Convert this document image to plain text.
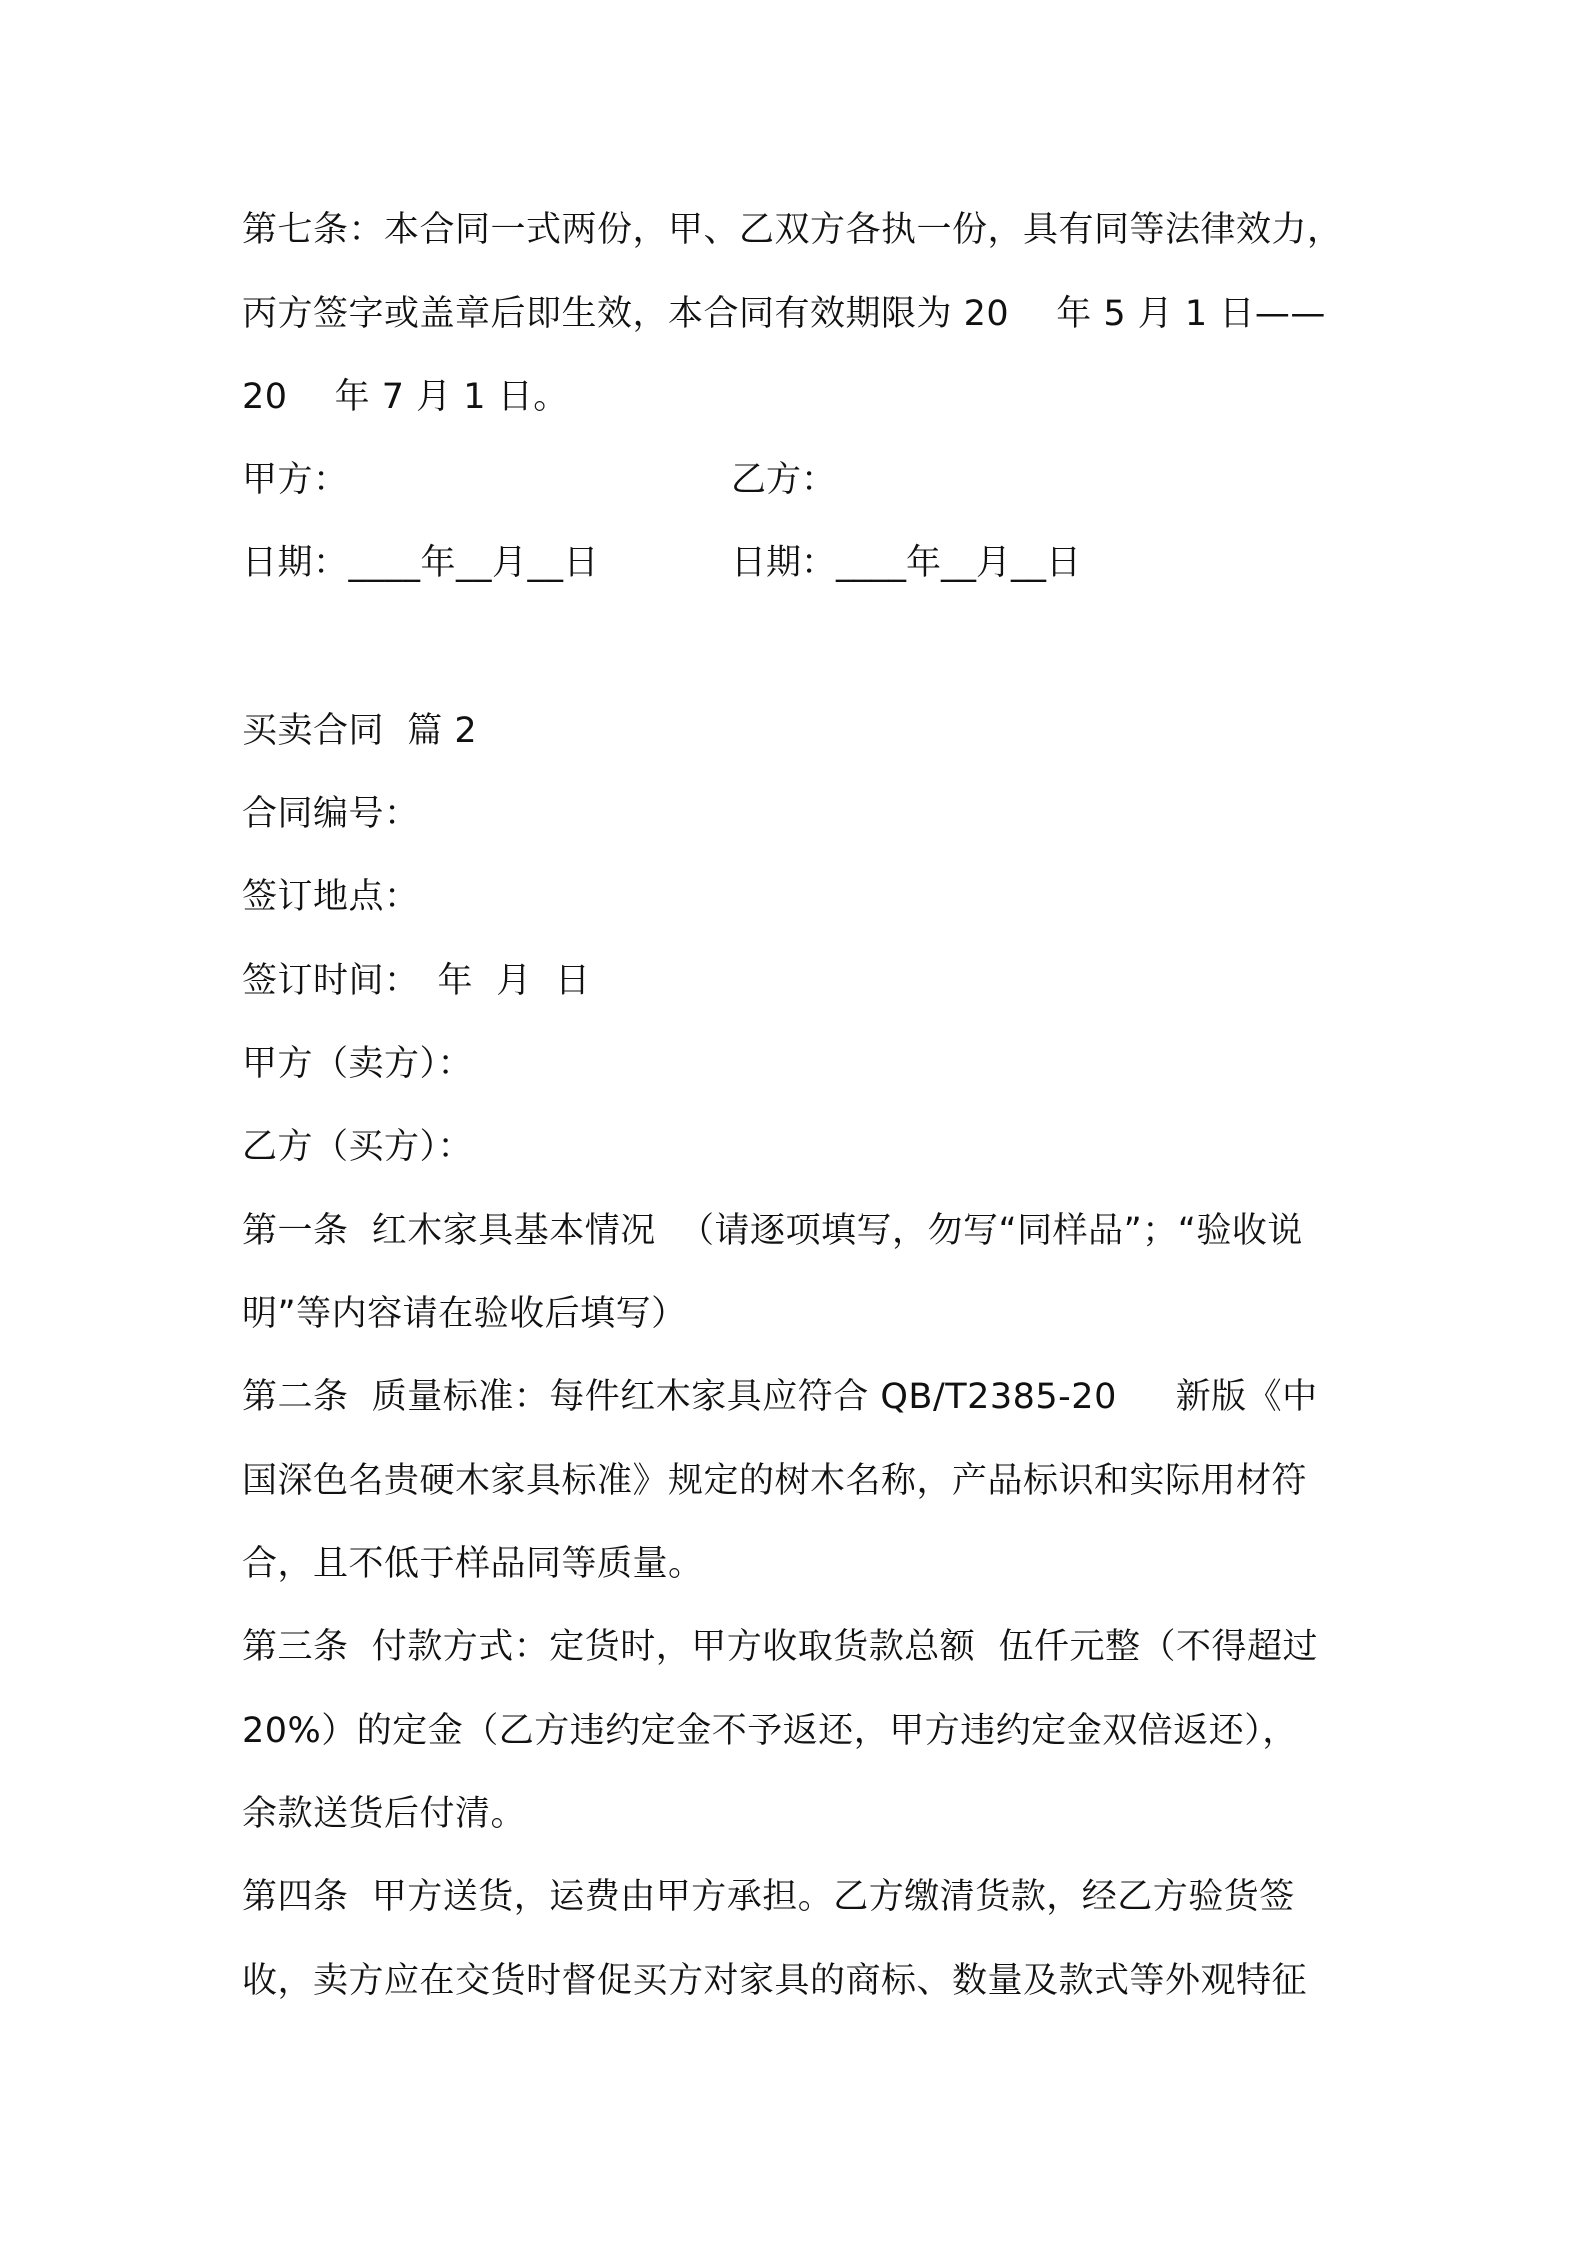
第七条：本合同一式两份，甲、乙双方各执一份，具有同等法律效力，
丙方签字或盖章后即生效，本合同有效期限为 20　 年 5 月 1 日——
20　 年 7 月 1 日。
甲方：	乙方：
日期：____年__月__日	日期：____年__月__日
买卖合同  篇 2
合同编号：
签订地点：
签订时间：　年  月  日
甲方（卖方）：
乙方（买方）：
第一条  红木家具基本情况  （请逐项填写，勿写“同样品”；“验收说
明”等内容请在验收后填写）
第二条  质量标准：每件红木家具应符合 QB/T2385-20　  新版《中
国深色名贵硬木家具标准》规定的树木名称，产品标识和实际用材符
合，且不低于样品同等质量。
第三条  付款方式：定货时，甲方收取货款总额  伍仟元整（不得超过
20%）的定金（乙方违约定金不予返还，甲方违约定金双倍返还），
余款送货后付清。
第四条  甲方送货，运费由甲方承担。乙方缴清货款，经乙方验货签
收，卖方应在交货时督促买方对家具的商标、数量及款式等外观特征
